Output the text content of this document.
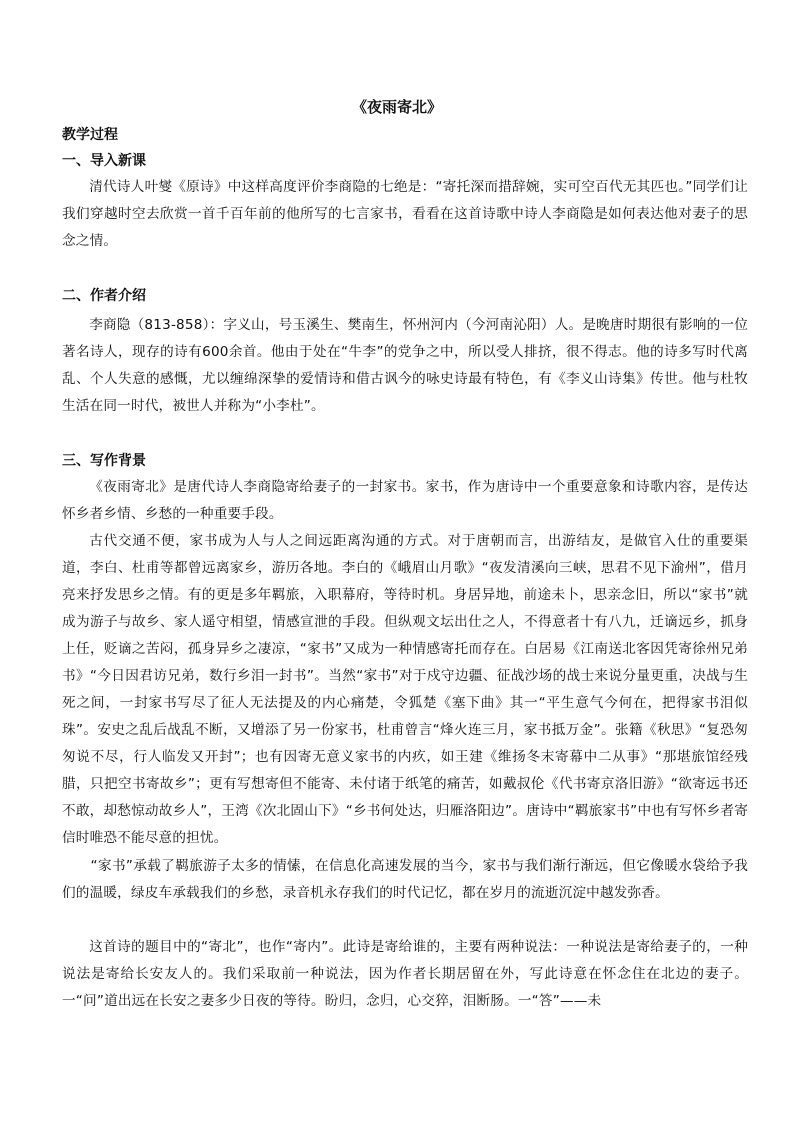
《夜雨寄北》
教学过程
一、导入新课
清代诗人叶燮《原诗》中这样高度评价李商隐的七绝是：“寄托深而措辞婉，实可空百代无其匹也。”同学们让我们穿越时空去欣赏一首千百年前的他所写的七言家书，看看在这首诗歌中诗人李商隐是如何表达他对妻子的思念之情。
二、作者介绍
李商隐（813-858）：字义山，号玉溪生、樊南生，怀州河内（今河南沁阳）人。是晚唐时期很有影响的一位著名诗人，现存的诗有600余首。他由于处在“牛李”的党争之中，所以受人排挤，很不得志。他的诗多写时代离乱、个人失意的感慨，尤以缠绵深挚的爱情诗和借古讽今的咏史诗最有特色，有《李义山诗集》传世。他与杜牧生活在同一时代，被世人并称为“小李杜”。
三、写作背景
《夜雨寄北》是唐代诗人李商隐寄给妻子的一封家书。家书，作为唐诗中一个重要意象和诗歌内容，是传达怀乡者乡情、乡愁的一种重要手段。
古代交通不便，家书成为人与人之间远距离沟通的方式。对于唐朝而言，出游结友，是做官入仕的重要渠道，李白、杜甫等都曾远离家乡，游历各地。李白的《峨眉山月歌》“夜发清溪向三峡，思君不见下渝州”，借月亮来抒发思乡之情。有的更是多年羁旅，入职幕府，等待时机。身居异地，前途未卜，思亲念旧，所以“家书”就成为游子与故乡、家人遥守相望，情感宣泄的手段。但纵观文坛出仕之人，不得意者十有八九，迁谪远乡，抓身上任，贬谪之苦闷，孤身异乡之凄凉，“家书”又成为一种情感寄托而存在。白居易《江南送北客因凭寄徐州兄弟书》“今日因君访兄弟，数行乡泪一封书”。当然“家书”对于戍守边疆、征战沙场的战士来说分量更重，决战与生死之间，一封家书写尽了征人无法提及的内心痛楚，令狐楚《塞下曲》其一“平生意气今何在，把得家书泪似珠”。安史之乱后战乱不断，又增添了另一份家书，杜甫曾言“烽火连三月，家书抵万金”。张籍《秋思》“复恐匆匆说不尽，行人临发又开封”；也有因寄无意义家书的内疚，如王建《维扬冬末寄幕中二从事》“那堪旅馆经残腊，只把空书寄故乡”；更有写想寄但不能寄、未付诸于纸笔的痛苦，如戴叔伦《代书寄京洛旧游》“欲寄远书还不敢，却愁惊动故乡人”，王湾《次北固山下》“乡书何处达，归雁洛阳边”。唐诗中“羁旅家书”中也有写怀乡者寄信时唯恐不能尽意的担忧。
“家书”承载了羁旅游子太多的情愫，在信息化高速发展的当今，家书与我们渐行渐远，但它像暖水袋给予我们的温暖，绿皮车承载我们的乡愁，录音机永存我们的时代记忆，都在岁月的流逝沉淀中越发弥香。
这首诗的题目中的“寄北”，也作“寄内”。此诗是寄给谁的，主要有两种说法：一种说法是寄给妻子的，一种说法是寄给长安友人的。我们采取前一种说法，因为作者长期居留在外，写此诗意在怀念住在北边的妻子。一“问”道出远在长安之妻多少日夜的等待。盼归，念归，心交猝，泪断肠。一“答”——未
